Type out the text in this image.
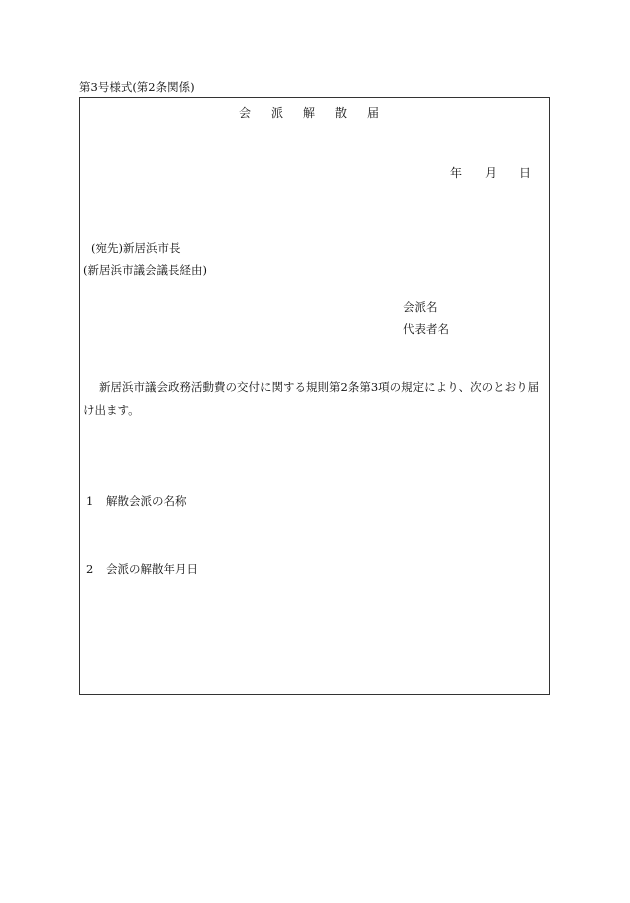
第3号様式(第2条関係)
会派解散届
年 月 日
(宛先)新居浜市長
(新居浜市議会議長経由)
会派名
代表者名
新居浜市議会政務活動費の交付に関する規則第2条第3項の規定により、次のとおり届
け出ます。
1 解散会派の名称
2 会派の解散年月日
